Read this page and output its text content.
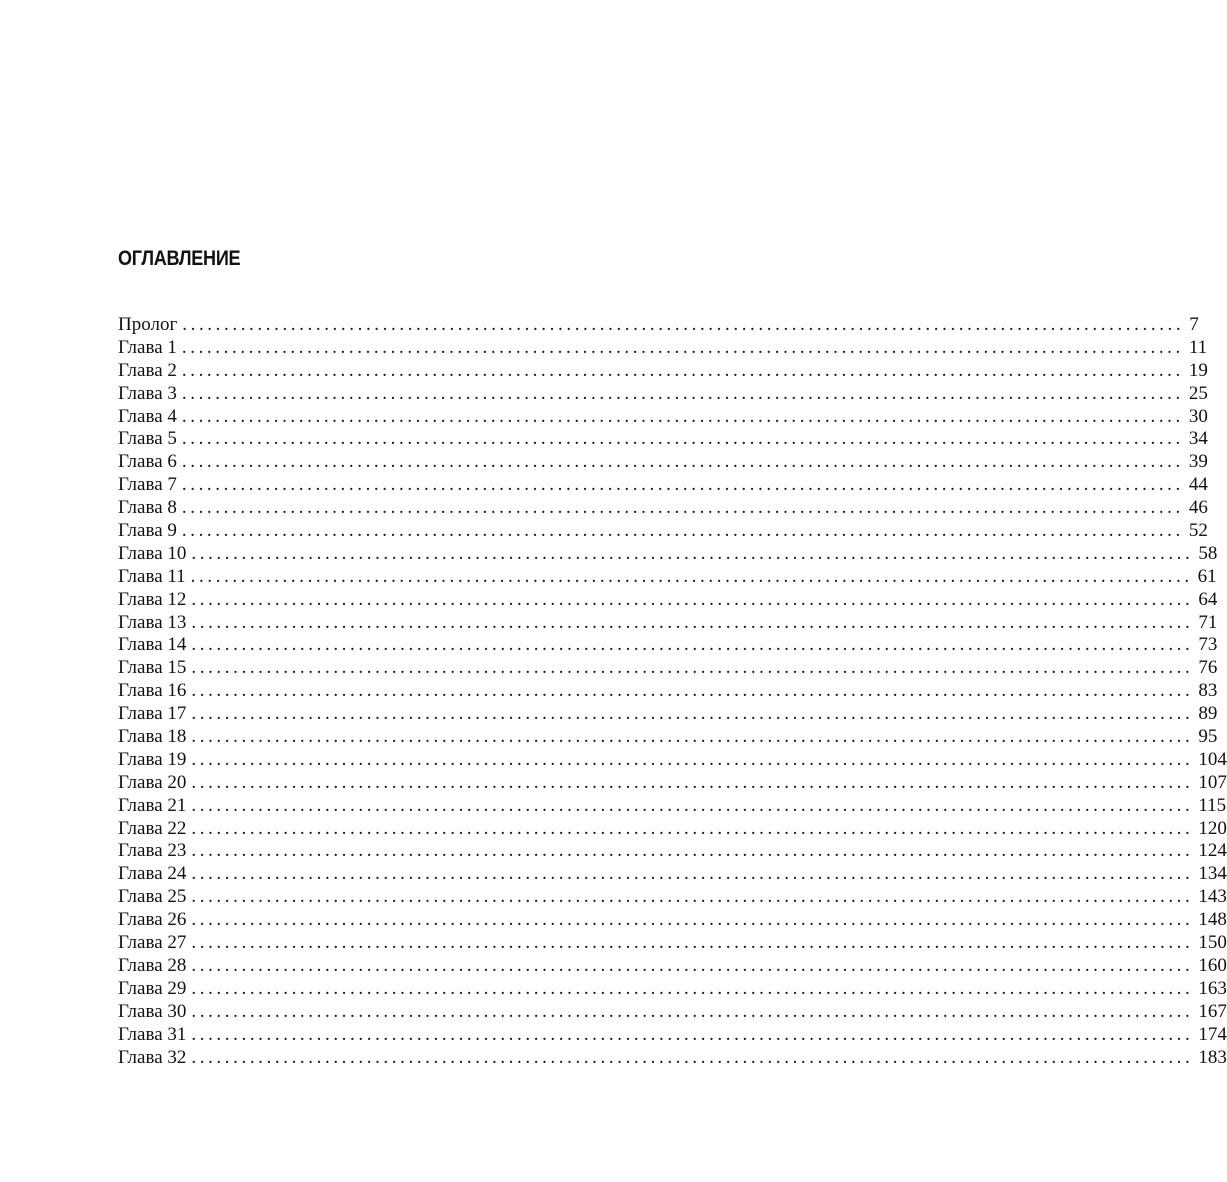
ОГЛАВЛЕНИЕ
Пролог ........................................................................................................................ 7
Глава 1 ........................................................................................................................ 11
Глава 2 ........................................................................................................................ 19
Глава 3 ........................................................................................................................ 25
Глава 4 ........................................................................................................................ 30
Глава 5 ........................................................................................................................ 34
Глава 6 ........................................................................................................................ 39
Глава 7 ........................................................................................................................ 44
Глава 8 ........................................................................................................................ 46
Глава 9 ........................................................................................................................ 52
Глава 10 ........................................................................................................................ 58
Глава 11 ........................................................................................................................ 61
Глава 12 ........................................................................................................................ 64
Глава 13 ........................................................................................................................ 71
Глава 14 ........................................................................................................................ 73
Глава 15 ........................................................................................................................ 76
Глава 16 ........................................................................................................................ 83
Глава 17 ........................................................................................................................ 89
Глава 18 ........................................................................................................................ 95
Глава 19 ........................................................................................................................ 104
Глава 20 ........................................................................................................................ 107
Глава 21 ........................................................................................................................ 115
Глава 22 ........................................................................................................................ 120
Глава 23 ........................................................................................................................ 124
Глава 24 ........................................................................................................................ 134
Глава 25 ........................................................................................................................ 143
Глава 26 ........................................................................................................................ 148
Глава 27 ........................................................................................................................ 150
Глава 28 ........................................................................................................................ 160
Глава 29 ........................................................................................................................ 163
Глава 30 ........................................................................................................................ 167
Глава 31 ........................................................................................................................ 174
Глава 32 ........................................................................................................................ 183
